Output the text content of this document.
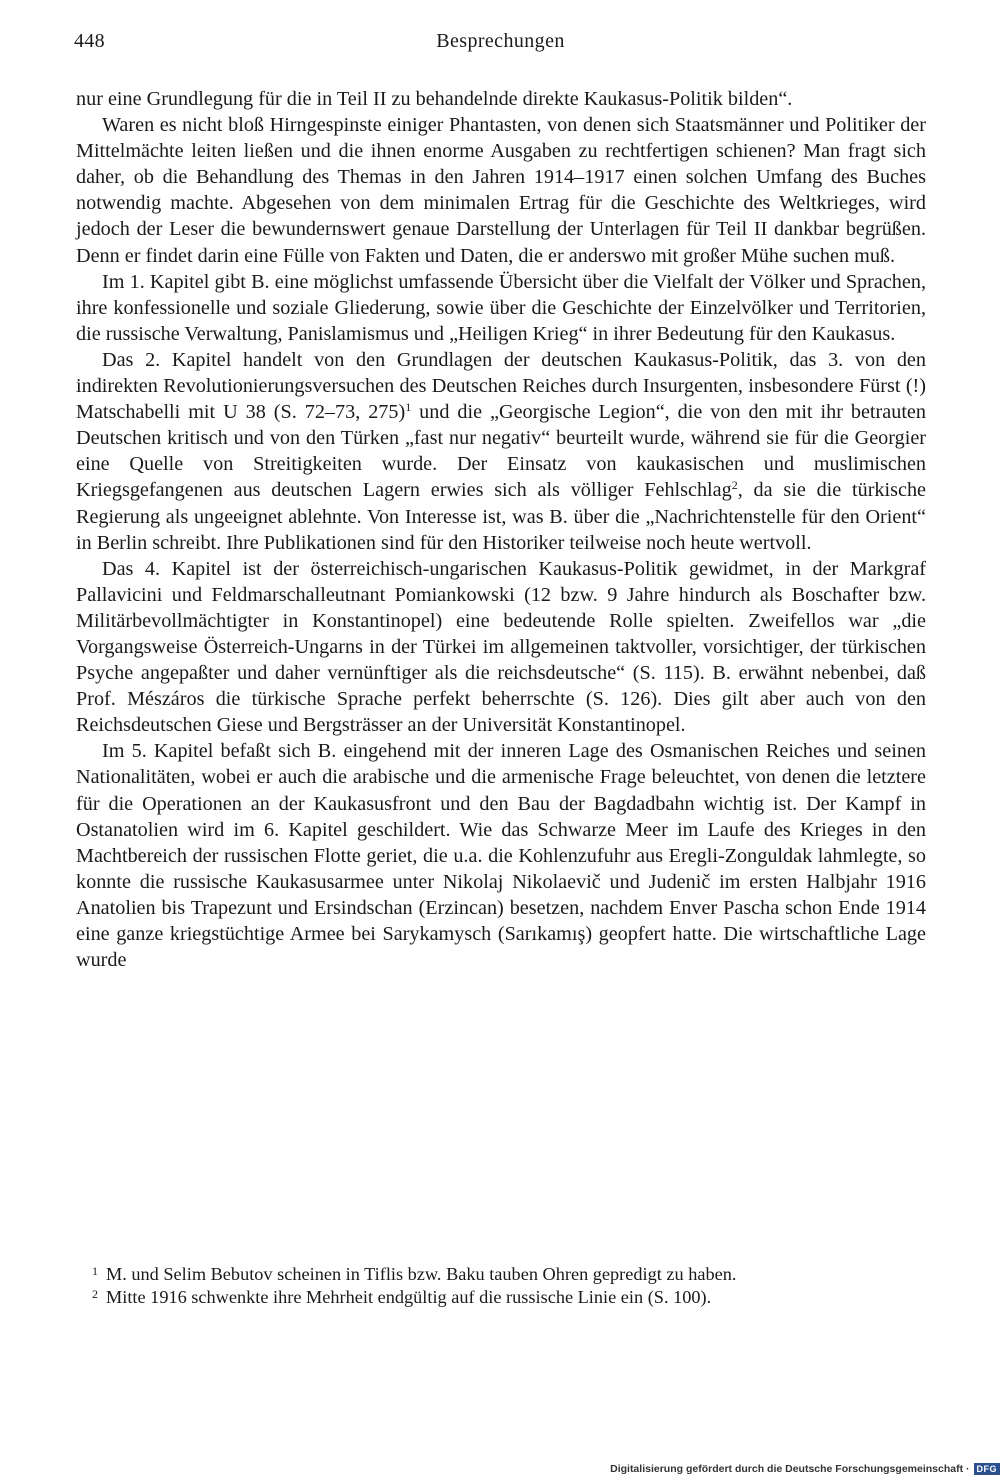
448	Besprechungen

nur eine Grundlegung für die in Teil II zu behandelnde direkte Kaukasus-Politik bilden“.

Waren es nicht bloß Hirngespinste einiger Phantasten, von denen sich Staatsmänner und Politiker der Mittelmächte leiten ließen und die ihnen enorme Ausgaben zu rechtfertigen schienen? Man fragt sich daher, ob die Behandlung des Themas in den Jahren 1914–1917 einen solchen Umfang des Buches notwendig machte. Abgesehen von dem minimalen Ertrag für die Geschichte des Weltkrieges, wird jedoch der Leser die bewundernswert genaue Darstellung der Unterlagen für Teil II dankbar begrüßen. Denn er findet darin eine Fülle von Fakten und Daten, die er anderswo mit großer Mühe suchen muß.

Im 1. Kapitel gibt B. eine möglichst umfassende Übersicht über die Vielfalt der Völker und Sprachen, ihre konfessionelle und soziale Gliederung, sowie über die Geschichte der Einzelvölker und Territorien, die russische Verwaltung, Panislamismus und „Heiligen Krieg“ in ihrer Bedeutung für den Kaukasus.

Das 2. Kapitel handelt von den Grundlagen der deutschen Kaukasus-Politik, das 3. von den indirekten Revolutionierungsversuchen des Deutschen Reiches durch Insurgenten, insbesondere Fürst (!) Matschabelli mit U 38 (S. 72–73, 275)$^1$ und die „Georgische Legion“, die von den mit ihr betrauten Deutschen kritisch und von den Türken „fast nur negativ“ beurteilt wurde, während sie für die Georgier eine Quelle von Streitigkeiten wurde. Der Einsatz von kaukasischen und muslimischen Kriegsgefangenen aus deutschen Lagern erwies sich als völliger Fehlschlag$^2$, da sie die türkische Regierung als ungeeignet ablehnte. Von Interesse ist, was B. über die „Nachrichtenstelle für den Orient“ in Berlin schreibt. Ihre Publikationen sind für den Historiker teilweise noch heute wertvoll.

Das 4. Kapitel ist der österreichisch-ungarischen Kaukasus-Politik gewidmet, in der Markgraf Pallavicini und Feldmarschalleutnant Pomiankowski (12 bzw. 9 Jahre hindurch als Boschafter bzw. Militärbevollmächtigter in Konstantinopel) eine bedeutende Rolle spielten. Zweifellos war „die Vorgangsweise Österreich-Ungarns in der Türkei im allgemeinen taktvoller, vorsichtiger, der türkischen Psyche angepaßter und daher vernünftiger als die reichsdeutsche“ (S. 115). B. erwähnt nebenbei, daß Prof. Mészáros die türkische Sprache perfekt beherrschte (S. 126). Dies gilt aber auch von den Reichsdeutschen Giese und Bergsträsser an der Universität Konstantinopel.

Im 5. Kapitel befaßt sich B. eingehend mit der inneren Lage des Osmanischen Reiches und seinen Nationalitäten, wobei er auch die arabische und die armenische Frage beleuchtet, von denen die letztere für die Operationen an der Kaukasusfront und den Bau der Bagdadbahn wichtig ist. Der Kampf in Ostanatolien wird im 6. Kapitel geschildert. Wie das Schwarze Meer im Laufe des Krieges in den Machtbereich der russischen Flotte geriet, die u.a. die Kohlenzufuhr aus Eregli-Zonguldak lahmlegte, so konnte die russische Kaukasusarmee unter Nikolaj Nikolaevič und Judenič im ersten Halbjahr 1916 Anatolien bis Trapezunt und Ersindschan (Erzincan) besetzen, nachdem Enver Pascha schon Ende 1914 eine ganze kriegstüchtige Armee bei Sarykamysch (Sarıkamış) geopfert hatte. Die wirtschaftliche Lage wurde

$^1$ M. und Selim Bebutov scheinen in Tiflis bzw. Baku tauben Ohren gepredigt zu haben.
$^2$ Mitte 1916 schwenkte ihre Mehrheit endgültig auf die russische Linie ein (S. 100).
Digitalisierung gefördert durch die Deutsche Forschungsgemeinschaft · DFG
